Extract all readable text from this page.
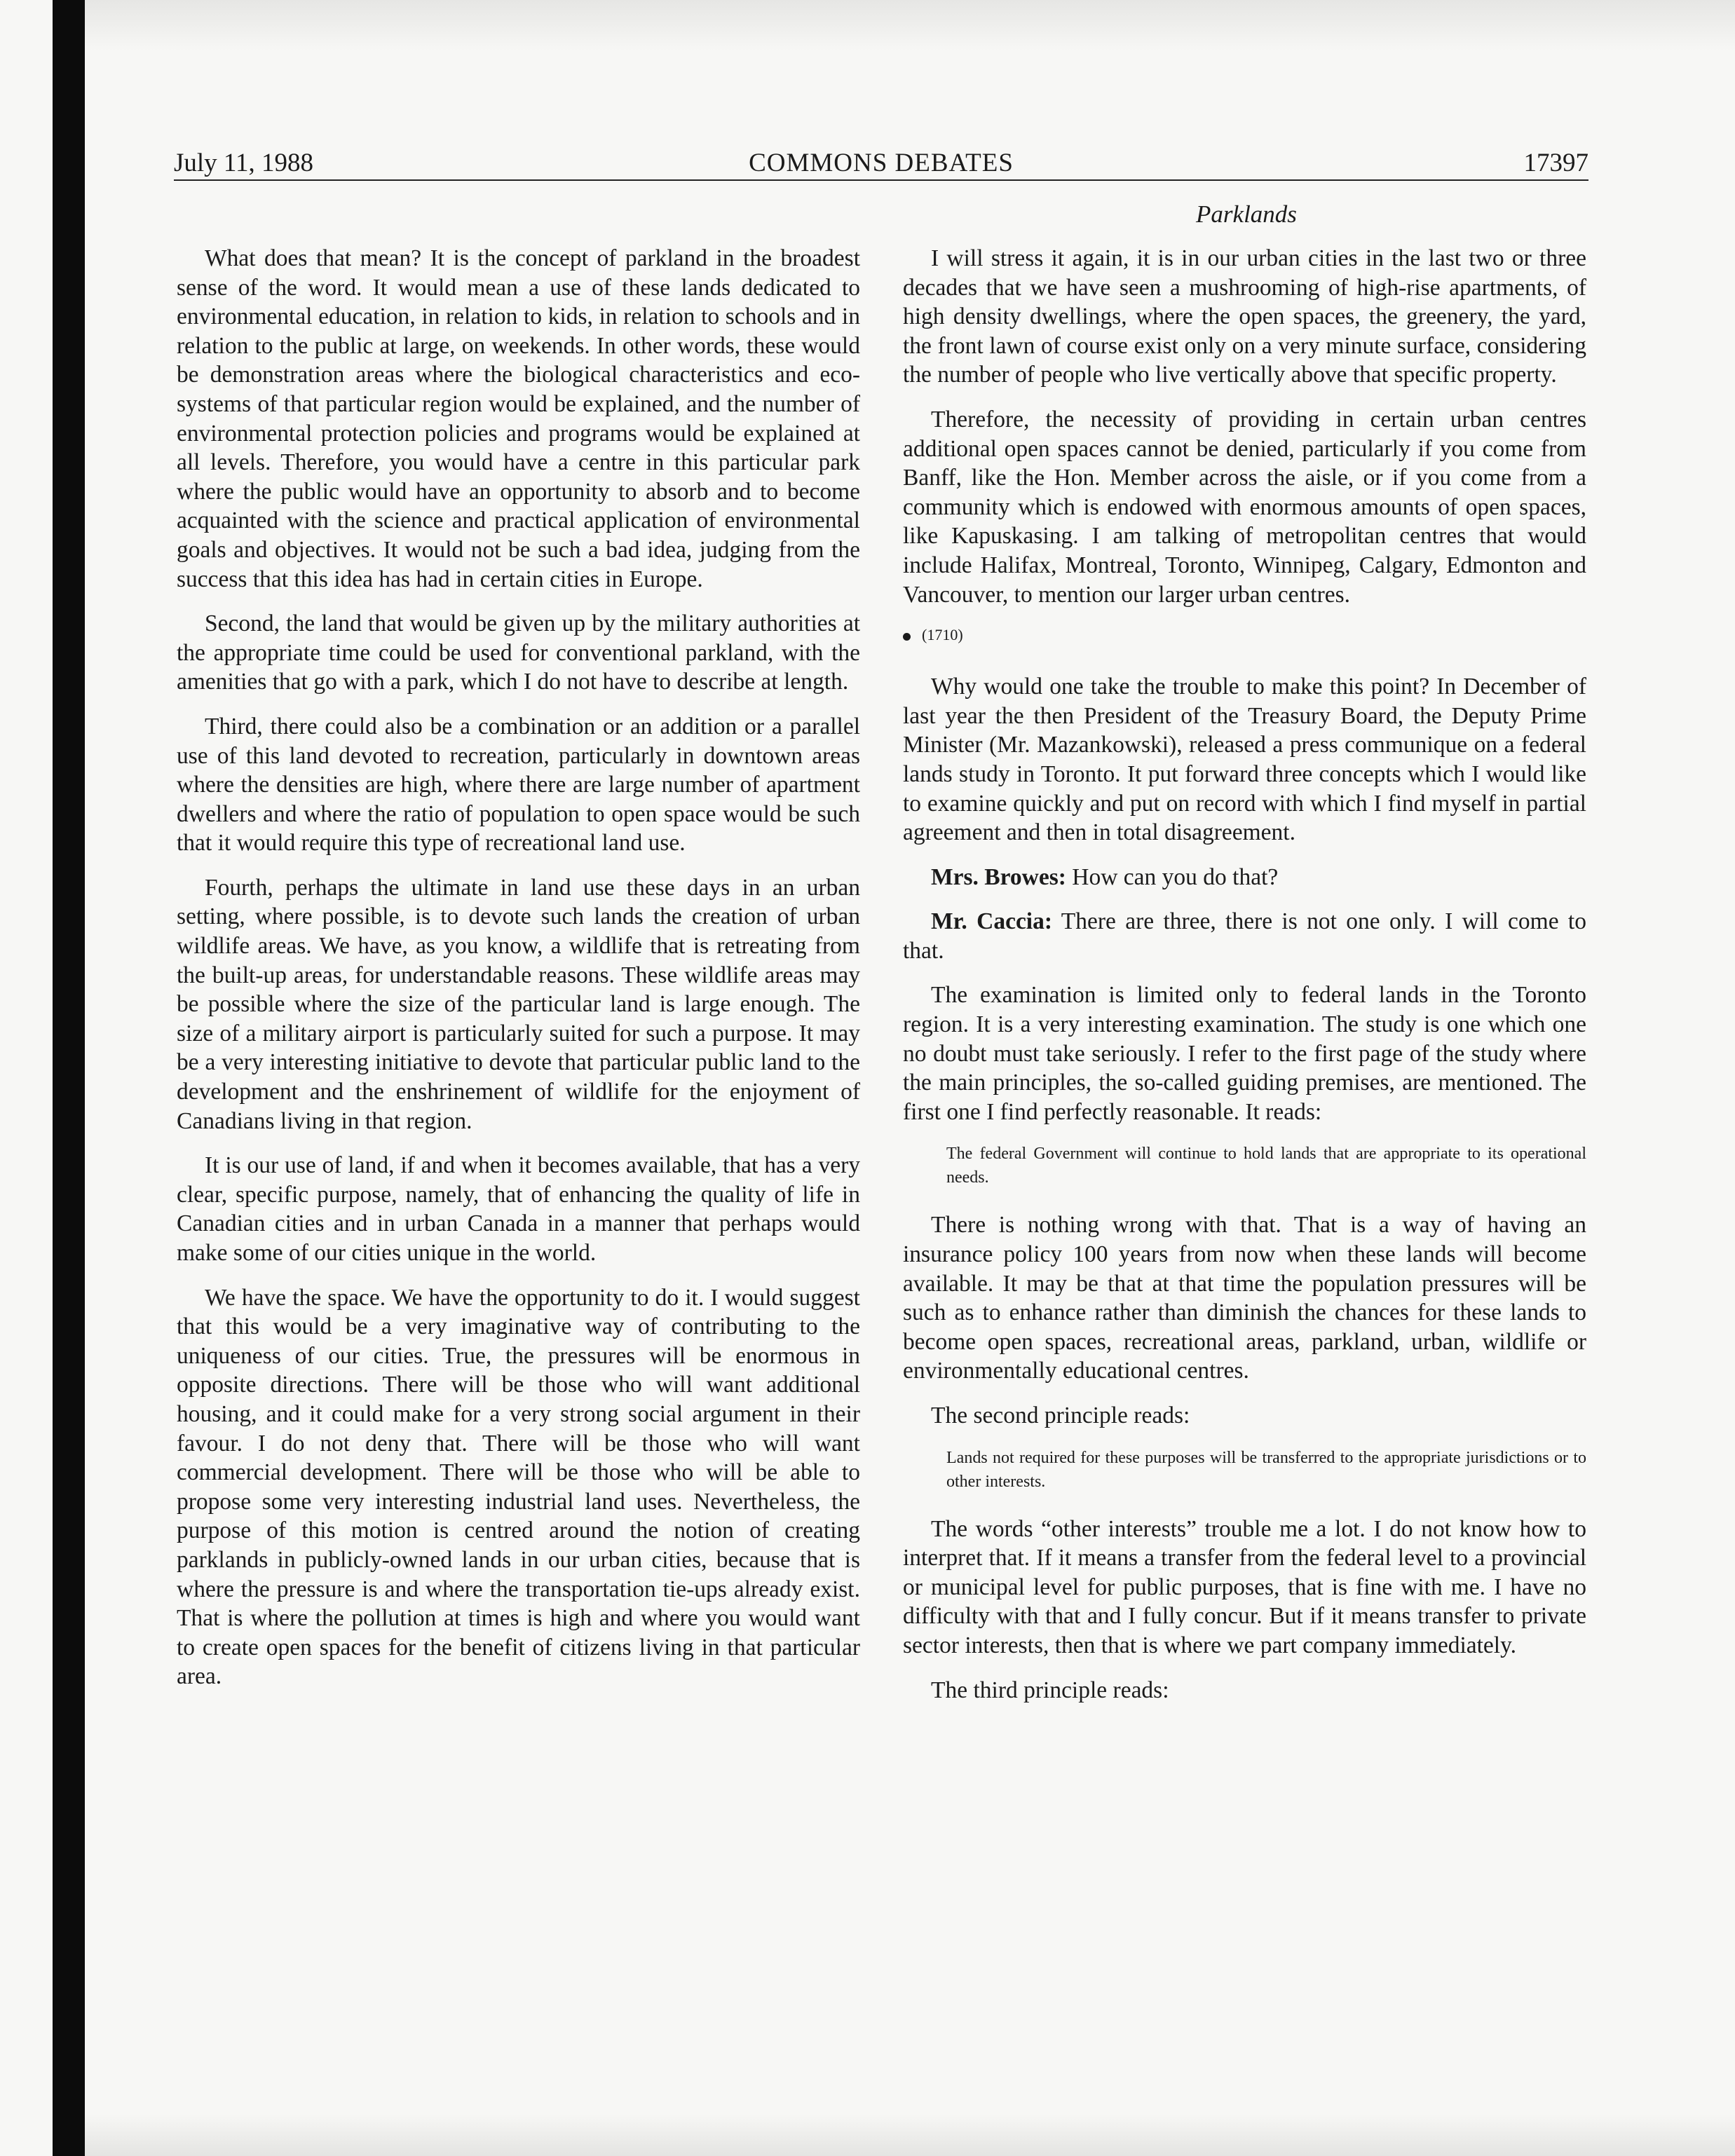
July 11, 1988	COMMONS DEBATES	17397
Parklands

What does that mean? It is the concept of parkland in the broadest sense of the word. It would mean a use of these lands dedicated to environmental education, in relation to kids, in relation to schools and in relation to the public at large, on weekends. In other words, these would be demonstration areas where the biological characteristics and eco-systems of that particular region would be explained, and the number of environmental protection policies and programs would be explained at all levels. Therefore, you would have a centre in this particular park where the public would have an opportunity to absorb and to become acquainted with the science and practical application of environmental goals and objectives. It would not be such a bad idea, judging from the success that this idea has had in certain cities in Europe.

Second, the land that would be given up by the military authorities at the appropriate time could be used for conventional parkland, with the amenities that go with a park, which I do not have to describe at length.

Third, there could also be a combination or an addition or a parallel use of this land devoted to recreation, particularly in downtown areas where the densities are high, where there are large number of apartment dwellers and where the ratio of population to open space would be such that it would require this type of recreational land use.

Fourth, perhaps the ultimate in land use these days in an urban setting, where possible, is to devote such lands the creation of urban wildlife areas. We have, as you know, a wildlife that is retreating from the built-up areas, for understandable reasons. These wildlife areas may be possible where the size of the particular land is large enough. The size of a military airport is particularly suited for such a purpose. It may be a very interesting initiative to devote that particular public land to the development and the enshrinement of wildlife for the enjoyment of Canadians living in that region.

It is our use of land, if and when it becomes available, that has a very clear, specific purpose, namely, that of enhancing the quality of life in Canadian cities and in urban Canada in a manner that perhaps would make some of our cities unique in the world.

We have the space. We have the opportunity to do it. I would suggest that this would be a very imaginative way of contributing to the uniqueness of our cities. True, the pressures will be enormous in opposite directions. There will be those who will want additional housing, and it could make for a very strong social argument in their favour. I do not deny that. There will be those who will want commercial development. There will be those who will be able to propose some very interesting industrial land uses. Nevertheless, the purpose of this motion is centred around the notion of creating parklands in publicly-owned lands in our urban cities, because that is where the pressure is and where the transportation tie-ups already exist. That is where the pollution at times is high and where you would want to create open spaces for the benefit of citizens living in that particular area.

I will stress it again, it is in our urban cities in the last two or three decades that we have seen a mushrooming of high-rise apartments, of high density dwellings, where the open spaces, the greenery, the yard, the front lawn of course exist only on a very minute surface, considering the number of people who live vertically above that specific property.

Therefore, the necessity of providing in certain urban centres additional open spaces cannot be denied, particularly if you come from Banff, like the Hon. Member across the aisle, or if you come from a community which is endowed with enormous amounts of open spaces, like Kapuskasing. I am talking of metropolitan centres that would include Halifax, Montreal, Toronto, Winnipeg, Calgary, Edmonton and Vancouver, to mention our larger urban centres.

(1710)

Why would one take the trouble to make this point? In December of last year the then President of the Treasury Board, the Deputy Prime Minister (Mr. Mazankowski), released a press communique on a federal lands study in Toronto. It put forward three concepts which I would like to examine quickly and put on record with which I find myself in partial agreement and then in total disagreement.

Mrs. Browes: How can you do that?

Mr. Caccia: There are three, there is not one only. I will come to that.

The examination is limited only to federal lands in the Toronto region. It is a very interesting examination. The study is one which one no doubt must take seriously. I refer to the first page of the study where the main principles, the so-called guiding premises, are mentioned. The first one I find perfectly reasonable. It reads:

The federal Government will continue to hold lands that are appropriate to its operational needs.

There is nothing wrong with that. That is a way of having an insurance policy 100 years from now when these lands will become available. It may be that at that time the population pressures will be such as to enhance rather than diminish the chances for these lands to become open spaces, recreational areas, parkland, urban, wildlife or environmentally educational centres.

The second principle reads:

Lands not required for these purposes will be transferred to the appropriate jurisdictions or to other interests.

The words “other interests” trouble me a lot. I do not know how to interpret that. If it means a transfer from the federal level to a provincial or municipal level for public purposes, that is fine with me. I have no difficulty with that and I fully concur. But if it means transfer to private sector interests, then that is where we part company immediately.

The third principle reads:
